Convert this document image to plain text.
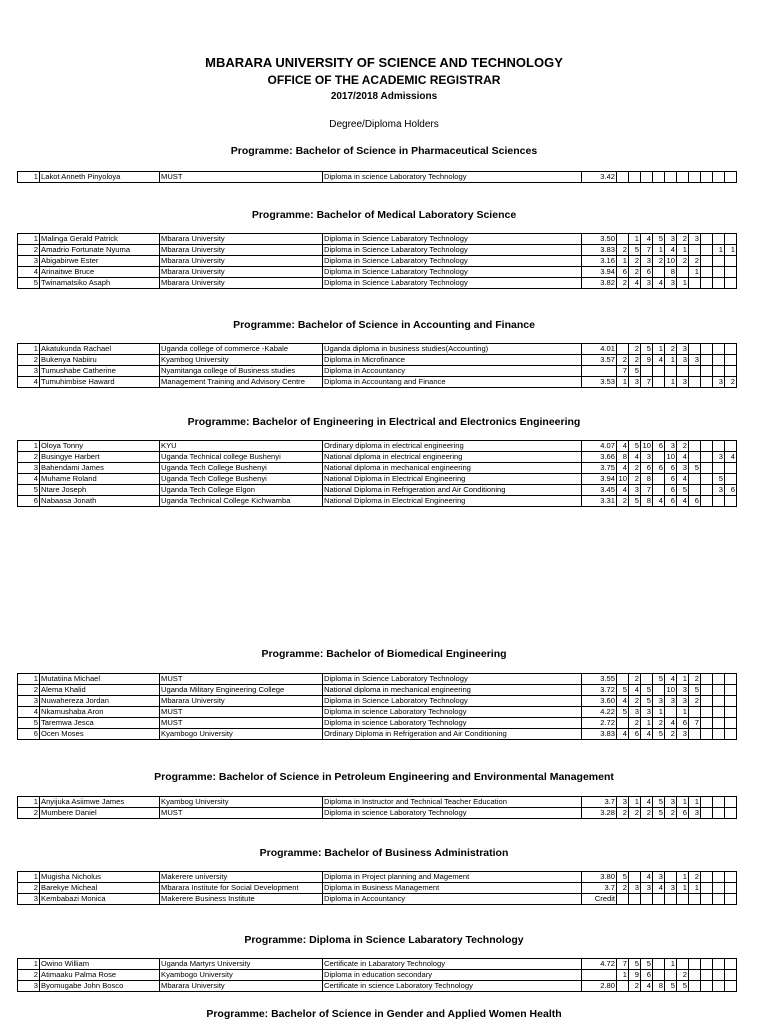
MBARARA UNIVERSITY OF SCIENCE AND TECHNOLOGY
OFFICE OF THE ACADEMIC REGISTRAR
2017/2018 Admissions
Degree/Diploma Holders
Programme: Bachelor of Science in Pharmaceutical Sciences
1	Lakot Anneth Pinyoloya	MUST	Diploma in science Laboratory Technology	3.42										
Programme: Bachelor of Medical Laboratory Science
1	Malinga Gerald Patrick	Mbarara University	Diploma in Science Labaratory Technology	3.50		1	4	5	3	2	3			
2	Amadrio Fortunate Nyuma	Mbarara University	Diploma in Science Labaratory Technology	3.83	2	5	7	1	4	1			1	1
3	Abigabirwe Ester	Mbarara University	Diploma in Science Labaratory Technology	3.16	1	2	3	2	10	2	2			
4	Arinaitwe Bruce	Mbarara University	Diploma in Science Labaratory Technology	3.94	6	2	6		8		1			
5	Twinamatsiko Asaph	Mbarara University	Diploma in Science Labaratory Technology	3.82	2	4	3	4	3	1				
Programme: Bachelor of Science in Accounting and Finance
1	Akatukunda Rachael	Uganda college of commerce -Kabale	Uganda diploma in business studies(Accounting)	4.01		2	5	1	2	3				
2	Bukenya Nabiiru	Kyambog University	Diploma in Microfinance	3.57	2	2	9	4	1	3	3			
3	Tumushabe Catherine	Nyamitanga college of Business studies	Diploma in Accountancy		7	5								
4	Tumuhimbise Haward	Management Training and Advisory Centre	Diploma in Accountang and Finance	3.53	1	3	7		1	3			3	2
Programme: Bachelor of Engineering in Electrical and Electronics Engineering
1	Oloya Tonny	KYU	Ordinary diploma in electrical engineering	4.07	4	5	10	6	3	2				
2	Busingye Harbert	Uganda Technical college Bushenyi	National diploma in electrical engineering	3.66	8	4	3		10	4			3	4
3	Bahendami James	Uganda Tech College Bushenyi	National diploma in mechanical engineering	3.75	4	2	6	6	6	3	5			
4	Muhame Roland	Uganda Tech College Bushenyi	National Diploma in Electrical Engineering	3.94	10	2	8		6	4			5	
5	Ntare Joseph	Uganda Tech College Elgon	National Diploma in Refrigeration and Air Conditioning	3.45	4	3	7		6	5			3	6
6	Nabaasa Jonath	Uganda Technical College Kichwamba	National Diploma in Electrical Engineering	3.31	2	5	8	4	6	4	6			
Programme: Bachelor of Biomedical Engineering
1	Mutatiina Michael	MUST	Diploma in Science Laboratory Technology	3.55		2		5	4	1	2			
2	Alema Khalid	Uganda Military Engineering College	National diploma in mechanical engineering	3.72	5	4	5		10	3	5			
3	Nuwahereza Jordan	Mbarara University	Diploma in Science Laboratory Technology	3.60	4	2	5	3	3	3	2			
4	Nkamushaba Aron	MUST	Diploma in science Laboratory Technology	4.22	5	3	3	1		1				
5	Taremwa Jesca	MUST	Diploma in science Laboratory Technology	2.72		2	1	2	4	6	7			
6	Ocen Moses	Kyambogo University	Ordinary Diploma in Refrigeration and Air Conditioning	3.83	4	6	4	5	2	3				
Programme: Bachelor of Science in Petroleum Engineering and Environmental Management
1	Anyijuka Asiimwe James	Kyambog University	Diploma in Instructor and Technical Teacher Education	3.7	3	1	4	5	3	1	1			
2	Mumbere Daniel	MUST	Diploma in science Laboratory Technology	3.28	2	2	2	5	2	6	3			
Programme: Bachelor of Business Administration
1	Mugisha Nicholus	Makerere university	Diploma in Project planning and Magement	3.80	5		4	3		1	2			
2	Barekye Micheal	Mbarara Institute for Social Development	Diploma in Business Management	3.7	2	3	3	4	3	1	1			
3	Kembabazi Monica	Makerere Business Institute	Diploma in Accountancy	Credit										
Programme: Diploma in Science Labaratory Technology
1	Owino William	Uganda Martyrs University	Certificate in Labaratory Technology	4.72	7	5	5		1					
2	Atimaaku Palma Rose	Kyambogo University	Diploma in education secondary		1	9	6			2				
3	Byomugabe John Bosco	Mbarara University	Certificate in science Laboratory Technology	2.80		2	4	8	5	5				
Programme: Bachelor of Science in Gender and Applied Women Health
